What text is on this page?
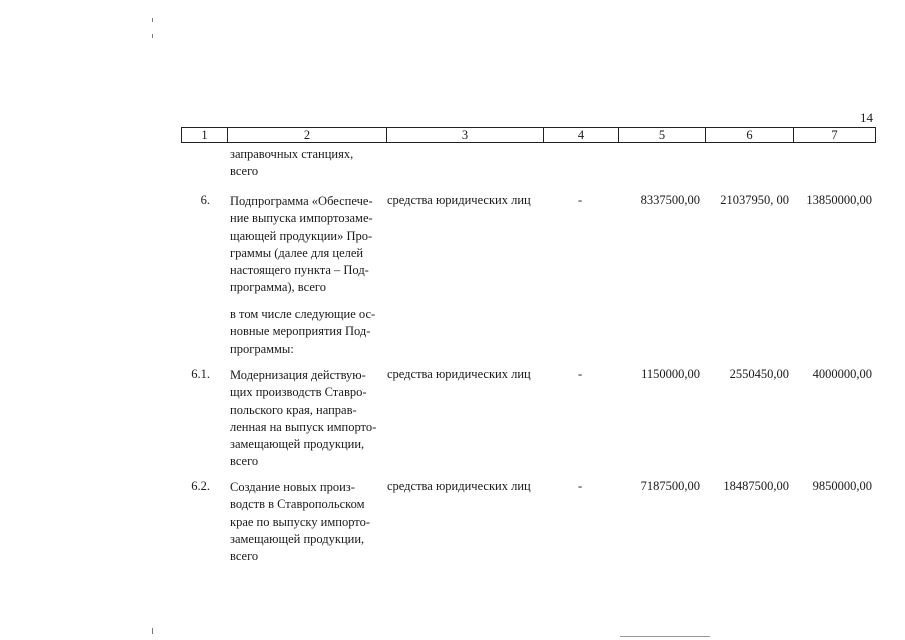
14
1	2	3	4	5	6	7
заправочных станциях,
всего
6. Подпрограмма «Обеспече-
ние выпуска импортозаме-
щающей продукции» Про-
граммы (далее для целей
настоящего пункта – Под-
программа), всего
средства юридических лиц	-	8337500,00 21037950, 00 13850000,00
в том числе следующие ос-
новные мероприятия Под-
программы:
6.1. Модернизация действую-
щих производств Ставро-
польского края, направ-
ленная на выпуск импорто-
замещающей продукции,
всего
средства юридических лиц	-	1150000,00 2550450,00 4000000,00
6.2. Создание новых произ-
водств в Ставропольском
крае по выпуску импорто-
замещающей продукции,
всего
средства юридических лиц	-	7187500,00 18487500,00 9850000,00
